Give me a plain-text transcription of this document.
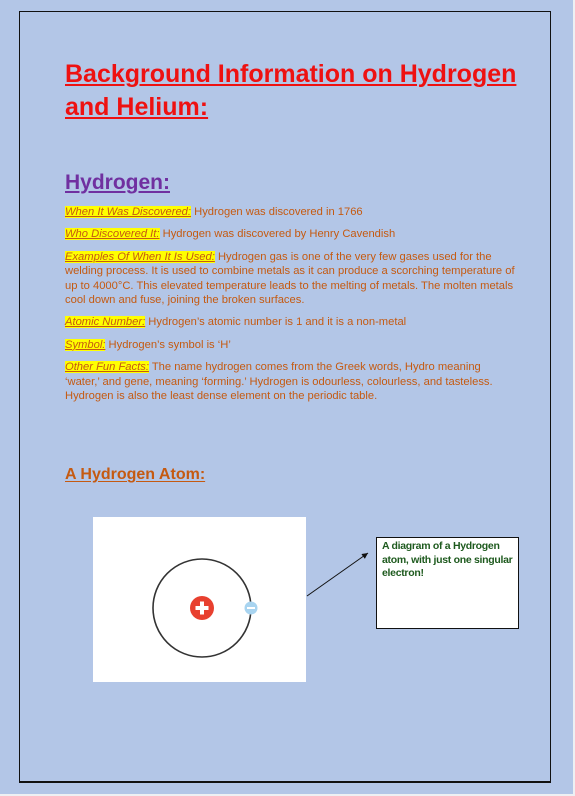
Background Information on Hydrogen and Helium:
Hydrogen:

When It Was Discovered: Hydrogen was discovered in 1766

Who Discovered It: Hydrogen was discovered by Henry Cavendish

Examples Of When It Is Used: Hydrogen gas is one of the very few gases used for the welding process. It is used to combine metals as it can produce a scorching temperature of up to 4000°C. This elevated temperature leads to the melting of metals. The molten metals cool down and fuse, joining the broken surfaces.

Atomic Number: Hydrogen’s atomic number is 1 and it is a non-metal

Symbol: Hydrogen’s symbol is ‘H’

Other Fun Facts: The name hydrogen comes from the Greek words, Hydro meaning ‘water,’ and gene, meaning ‘forming.’ Hydrogen is odourless, colourless, and tasteless. Hydrogen is also the least dense element on the periodic table.

A Hydrogen Atom:
A diagram of a Hydrogen atom, with just one singular electron!
